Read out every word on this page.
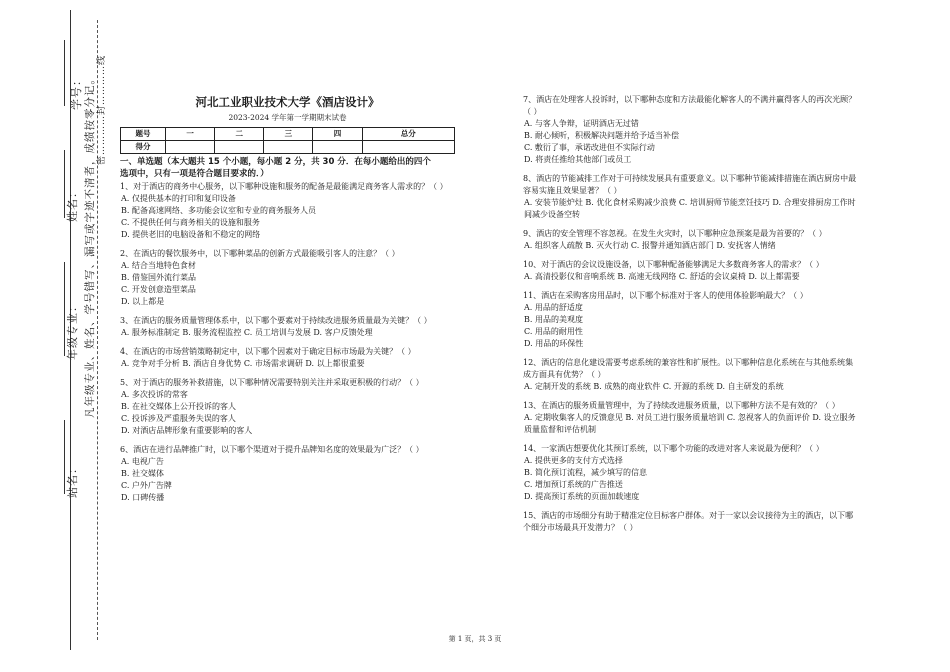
学号：
姓名：
年级专业：
站名：
凡年级专业、姓名、学号错写、漏写或字迹不清者，成绩按零分记。 密…………封…………线	河北工业职业技术大学《酒店设计》
2023-2024 学年第一学期期末试卷
题号	一	二	三	四	总分
得分					
一、单选题（本大题共 15 个小题，每小题 2 分，共 30 分．在每小题给出的四个
选项中，只有一项是符合题目要求的．）
1、对于酒店的商务中心服务，以下哪种设施和服务的配备是最能满足商务客人需求的？（ ）
A. 仅提供基本的打印和复印设备
B. 配备高速网络、多功能会议室和专业的商务服务人员
C. 不提供任何与商务相关的设施和服务
D. 提供老旧的电脑设备和不稳定的网络
2、在酒店的餐饮服务中，以下哪种菜品的创新方式最能吸引客人的注意？（ ）
A. 结合当地特色食材
B. 借鉴国外流行菜品
C. 开发创意造型菜品
D. 以上都是
3、在酒店的服务质量管理体系中，以下哪个要素对于持续改进服务质量最为关键？（ ）
A. 服务标准制定 B. 服务流程监控 C. 员工培训与发展 D. 客户反馈处理
4、在酒店的市场营销策略制定中，以下哪个因素对于确定目标市场最为关键？（ ）
A. 竞争对手分析 B. 酒店自身优势 C. 市场需求调研 D. 以上都很重要
5、对于酒店的服务补救措施，以下哪种情况需要特别关注并采取更积极的行动？（ ）
A. 多次投诉的常客
B. 在社交媒体上公开投诉的客人
C. 投诉涉及严重服务失误的客人
D. 对酒店品牌形象有重要影响的客人
6、酒店在进行品牌推广时，以下哪个渠道对于提升品牌知名度的效果最为广泛？（ ）
A. 电视广告
B. 社交媒体
C. 户外广告牌
D. 口碑传播
7、酒店在处理客人投诉时，以下哪种态度和方法最能化解客人的不满并赢得客人的再次光顾？（ ）
A. 与客人争辩，证明酒店无过错
B. 耐心倾听，积极解决问题并给予适当补偿
C. 敷衍了事，承诺改进但不实际行动
D. 将责任推给其他部门或员工
8、酒店的节能减排工作对于可持续发展具有重要意义。以下哪种节能减排措施在酒店厨房中最容易实施且效果显著？（ ）
A. 安装节能炉灶 B. 优化食材采购减少浪费 C. 培训厨师节能烹饪技巧 D. 合理安排厨房工作时间减少设备空转
9、酒店的安全管理不容忽视。在发生火灾时，以下哪种应急预案是最为首要的？（ ）
A. 组织客人疏散 B. 灭火行动 C. 报警并通知酒店部门 D. 安抚客人情绪
10、对于酒店的会议设施设备，以下哪种配备能够满足大多数商务客人的需求？（ ）
A. 高清投影仪和音响系统 B. 高速无线网络 C. 舒适的会议桌椅 D. 以上都需要
11、酒店在采购客房用品时，以下哪个标准对于客人的使用体验影响最大？（ ）
A. 用品的舒适度
B. 用品的美观度
C. 用品的耐用性
D. 用品的环保性
12、酒店的信息化建设需要考虑系统的兼容性和扩展性。以下哪种信息化系统在与其他系统集成方面具有优势？（ ）
A. 定制开发的系统 B. 成熟的商业软件 C. 开源的系统 D. 自主研发的系统
13、在酒店的服务质量管理中，为了持续改进服务质量，以下哪种方法不是有效的？（ ）
A. 定期收集客人的反馈意见 B. 对员工进行服务质量培训 C. 忽视客人的负面评价 D. 设立服务质量监督和评估机制
14、一家酒店想要优化其预订系统，以下哪个功能的改进对客人来说最为便利？（ ）
A. 提供更多的支付方式选择
B. 简化预订流程，减少填写的信息
C. 增加预订系统的广告推送
D. 提高预订系统的页面加载速度
15、酒店的市场细分有助于精准定位目标客户群体。对于一家以会议接待为主的酒店，以下哪个细分市场最具开发潜力？（ ）
第 1 页，共 3 页
